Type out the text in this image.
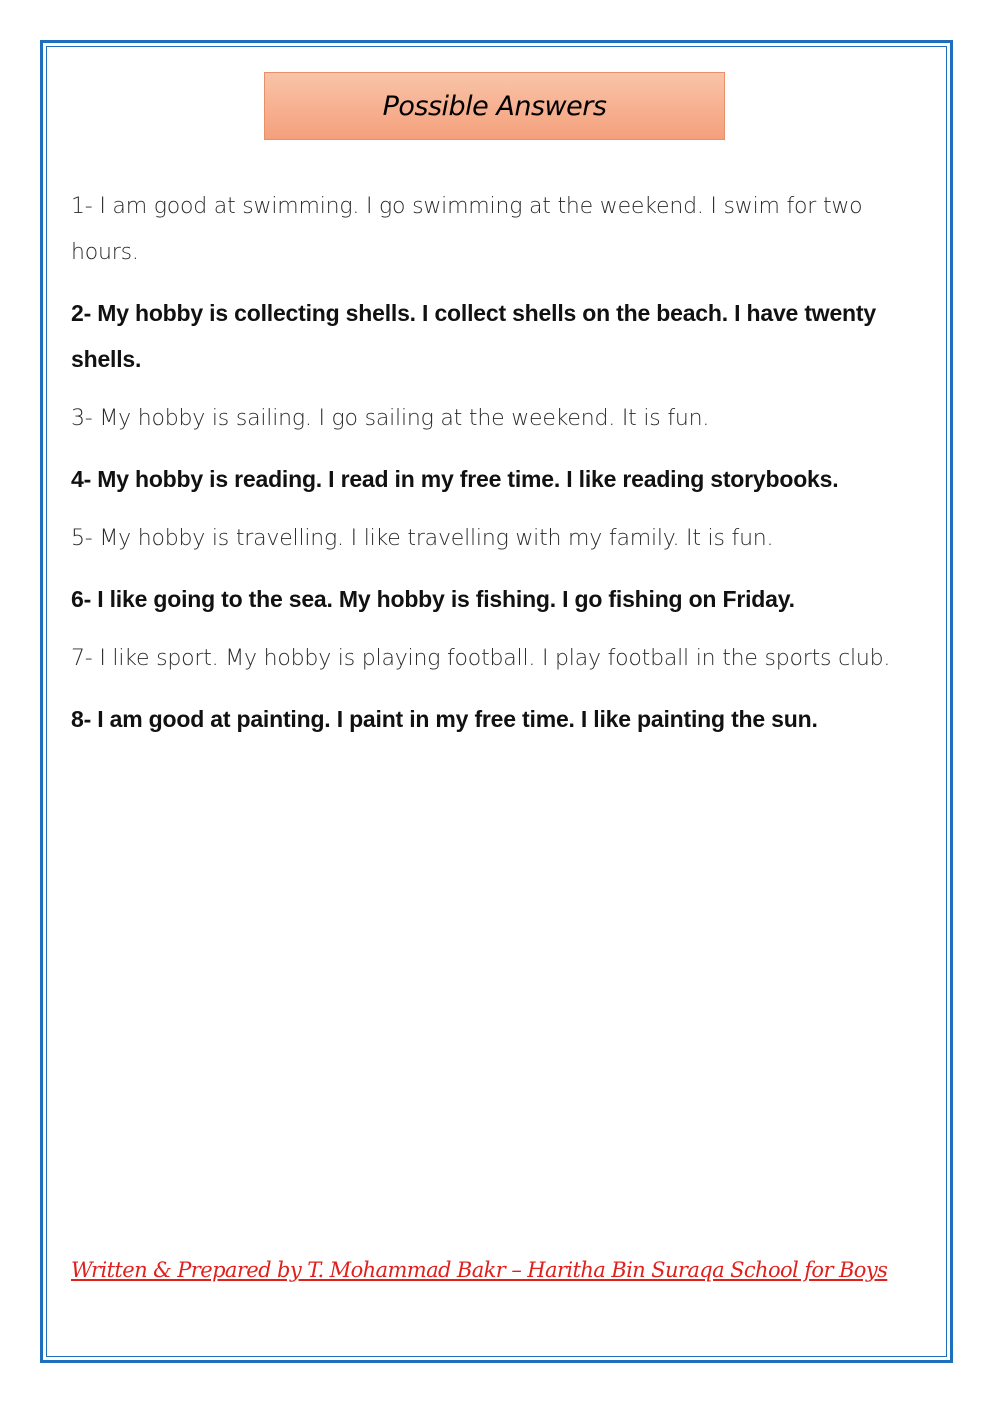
Possible Answers

1- I am good at swimming. I go swimming at the weekend. I swim for two hours.

2- My hobby is collecting shells. I collect shells on the beach. I have twenty shells.

3- My hobby is sailing. I go sailing at the weekend. It is fun.

4- My hobby is reading. I read in my free time. I like reading storybooks.

5- My hobby is travelling. I like travelling with my family. It is fun.

6- I like going to the sea. My hobby is fishing. I go fishing on Friday.

7- I like sport. My hobby is playing football. I play football in the sports club.

8- I am good at painting. I paint in my free time. I like painting the sun.

Written & Prepared by T. Mohammad Bakr – Haritha Bin Suraqa School for Boys
